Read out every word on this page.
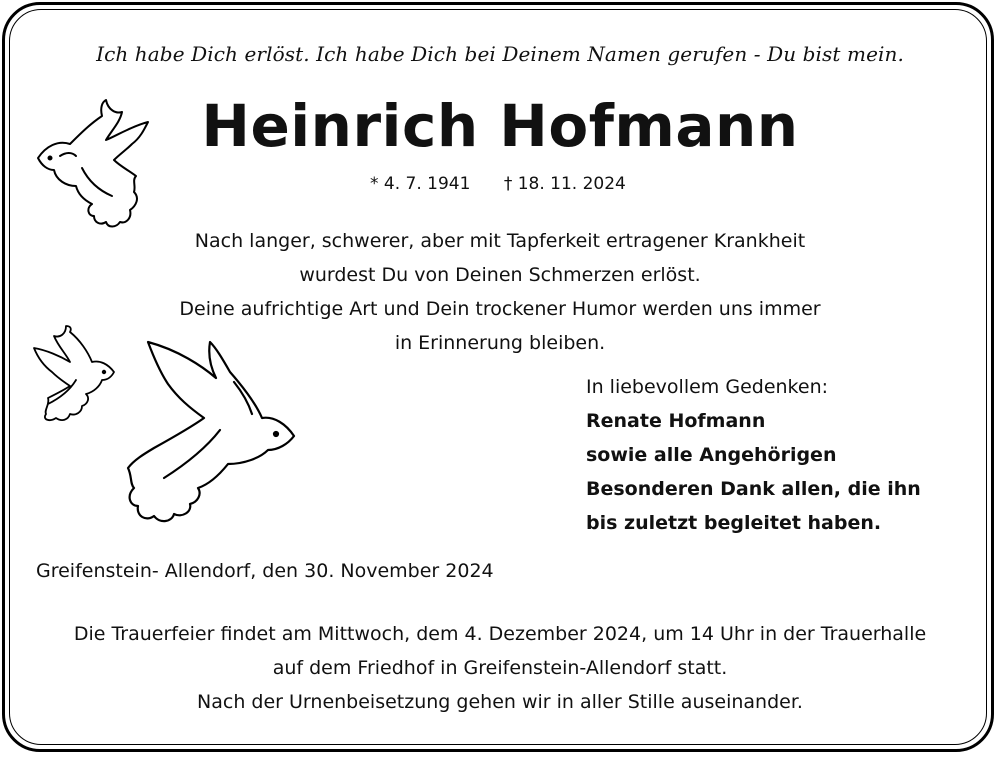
Ich habe Dich erlöst. Ich habe Dich bei Deinem Namen gerufen - Du bist mein.
Heinrich Hofmann
* 4. 7. 1941 † 18. 11. 2024
Nach langer, schwerer, aber mit Tapferkeit ertragener Krankheit
wurdest Du von Deinen Schmerzen erlöst.
Deine aufrichtige Art und Dein trockener Humor werden uns immer
in Erinnerung bleiben.
In liebevollem Gedenken:
Renate Hofmann
sowie alle Angehörigen
Besonderen Dank allen, die ihn
bis zuletzt begleitet haben.
Greifenstein- Allendorf, den 30. November 2024
Die Trauerfeier findet am Mittwoch, dem 4. Dezember 2024, um 14 Uhr in der Trauerhalle
auf dem Friedhof in Greifenstein-Allendorf statt.
Nach der Urnenbeisetzung gehen wir in aller Stille auseinander.
